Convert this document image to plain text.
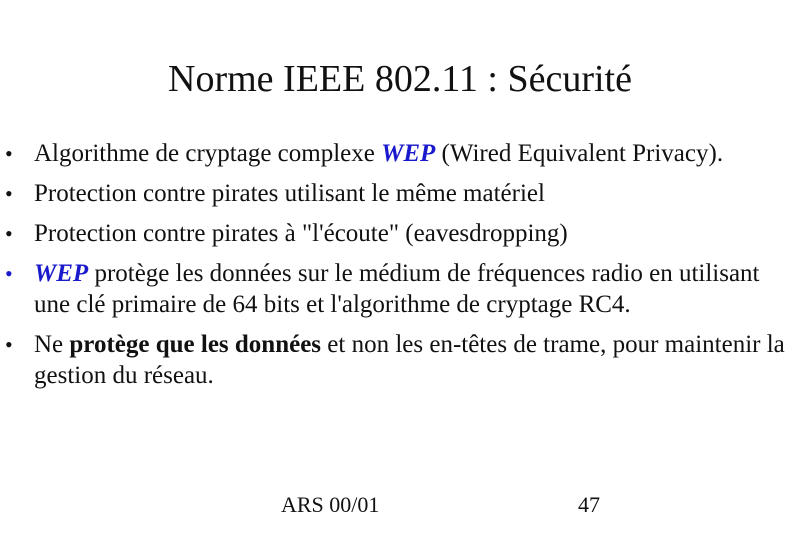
Norme IEEE 802.11 : Sécurité
• Algorithme de cryptage complexe WEP (Wired Equivalent Privacy).
• Protection contre pirates utilisant le même matériel
• Protection contre pirates à "l'écoute" (eavesdropping)
• WEP protège les données sur le médium de fréquences radio en utilisant une clé primaire de 64 bits et l'algorithme de cryptage RC4.
• Ne protège que les données et non les en-têtes de trame, pour maintenir la gestion du réseau.
ARS 00/01	47
